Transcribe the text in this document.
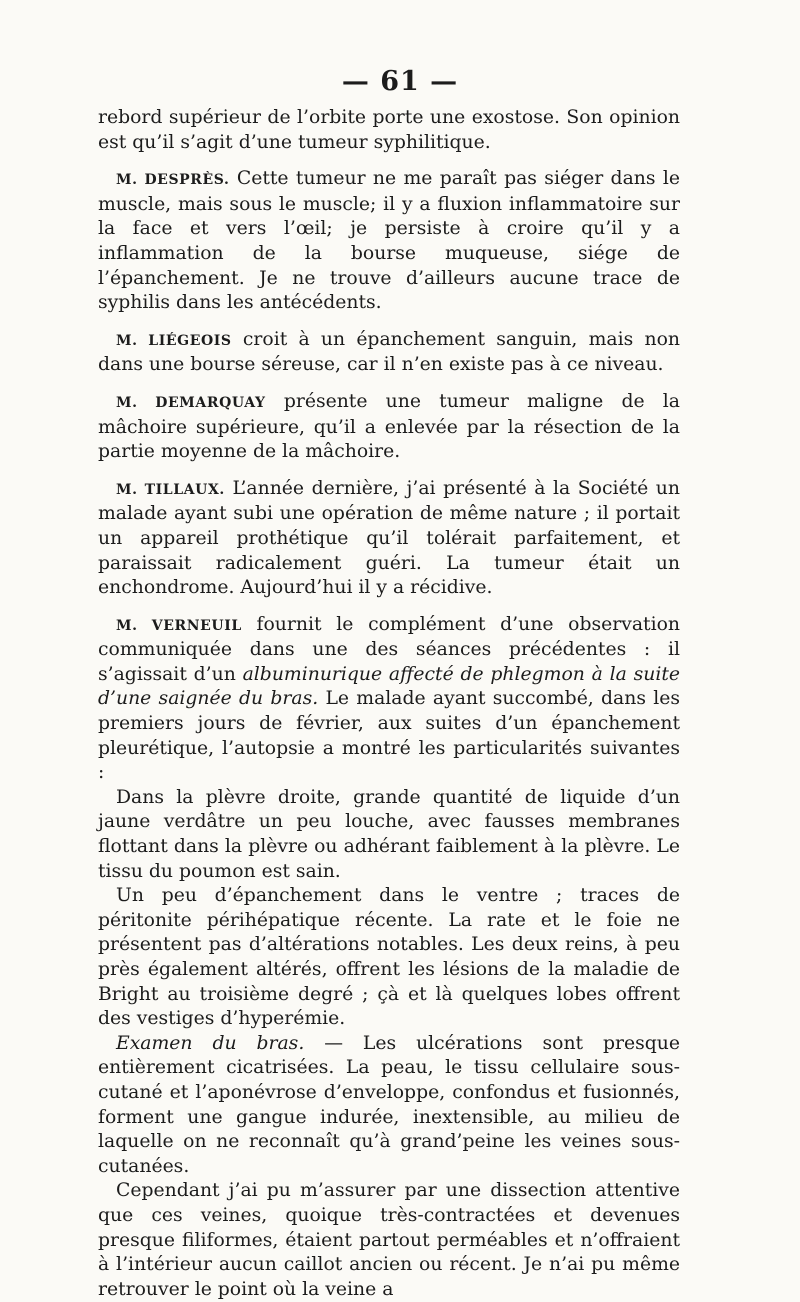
— 61 —

rebord supérieur de l’orbite porte une exostose. Son opinion est qu’il s’agit d’une tumeur syphilitique.

M. DESPRÈS. Cette tumeur ne me paraît pas siéger dans le muscle, mais sous le muscle; il y a fluxion inflammatoire sur la face et vers l’œil; je persiste à croire qu’il y a inflammation de la bourse muqueuse, siége de l’épanchement. Je ne trouve d’ailleurs aucune trace de syphilis dans les antécédents.

M. LIÉGEOIS croit à un épanchement sanguin, mais non dans une bourse séreuse, car il n’en existe pas à ce niveau.

M. DEMARQUAY présente une tumeur maligne de la mâchoire supérieure, qu’il a enlevée par la résection de la partie moyenne de la mâchoire.

M. TILLAUX. L’année dernière, j’ai présenté à la Société un malade ayant subi une opération de même nature ; il portait un appareil prothétique qu’il tolérait parfaitement, et paraissait radicalement guéri. La tumeur était un enchondrome. Aujourd’hui il y a récidive.

M. VERNEUIL fournit le complément d’une observation communiquée dans une des séances précédentes : il s’agissait d’un albuminurique affecté de phlegmon à la suite d’une saignée du bras. Le malade ayant succombé, dans les premiers jours de février, aux suites d’un épanchement pleurétique, l’autopsie a montré les particularités suivantes :

Dans la plèvre droite, grande quantité de liquide d’un jaune verdâtre un peu louche, avec fausses membranes flottant dans la plèvre ou adhérant faiblement à la plèvre. Le tissu du poumon est sain.

Un peu d’épanchement dans le ventre ; traces de péritonite périhépatique récente. La rate et le foie ne présentent pas d’altérations notables. Les deux reins, à peu près également altérés, offrent les lésions de la maladie de Bright au troisième degré ; çà et là quelques lobes offrent des vestiges d’hyperémie.

Examen du bras. — Les ulcérations sont presque entièrement cicatrisées. La peau, le tissu cellulaire sous-cutané et l’aponévrose d’enveloppe, confondus et fusionnés, forment une gangue indurée, inextensible, au milieu de laquelle on ne reconnaît qu’à grand’peine les veines sous-cutanées.

Cependant j’ai pu m’assurer par une dissection attentive que ces veines, quoique très-contractées et devenues presque filiformes, étaient partout perméables et n’offraient à l’intérieur aucun caillot ancien ou récent. Je n’ai pu même retrouver le point où la veine a
